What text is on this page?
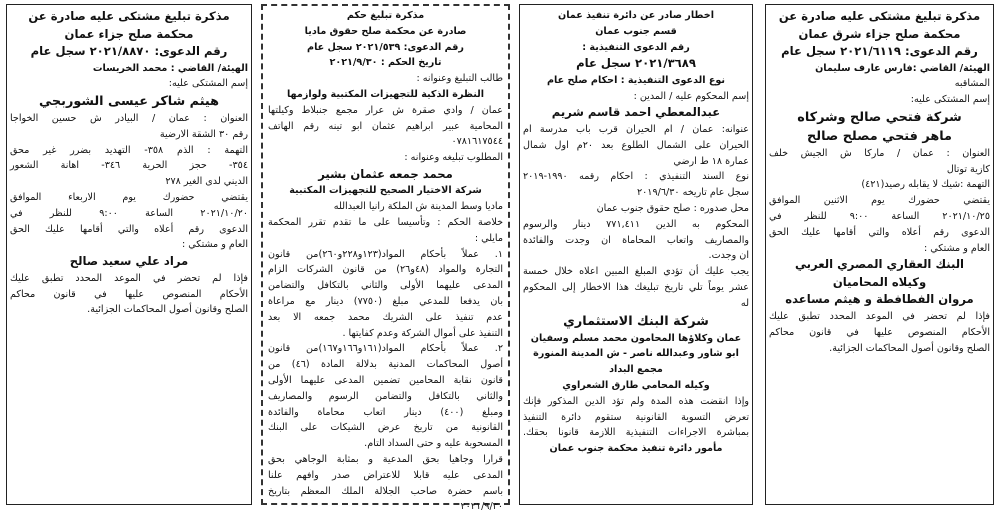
مذكرة تبليغ مشتكى عليه صادرة عن
محكمة صلح جزاء شرق عمان
رقم الدعوى: ٢٠٢١/٦١١٩ سجل عام
الهيئة/ القاضي :فارس عارف سليمان
المشاقبه
إسم المشتكى عليه:
شركة فتحي صالح وشركاه
ماهر فتحي مصلح صالح
العنوان : عمان / ماركا ش الجيش خلف
كازية توتال
التهمة :شيك لا يقابله رصيد(٤٢١)
يقتضي حضورك يوم الاثنين الموافق
٢٠٢١/١٠/٢٥ الساعة ٩:٠٠ للنظر في
الدعوى رقم أعلاه والتي أقامها عليك الحق
العام و مشتكي :
البنك العقاري المصري العربي
وكيلاه المحاميان
مروان الفطافطة و هيثم مساعده
فإذا لم تحضر في الموعد المحدد تطبق عليك
الأحكام المنصوص عليها في قانون محاكم
الصلح وقانون أصول المحاكمات الجزائية.
اخطار صادر عن دائرة تنفيذ عمان
قسم جنوب عمان
رقم الدعوى التنفيذية :
٢٠٢١/٣٦٨٩ سجل عام
نوع الدعوى التنفيذية : احكام صلح عام
إسم المحكوم عليه / المدين :
عبدالمعطي احمد قاسم شريم
عنوانه: عمان / ام الحيران قرب باب مدرسة ام
الحيران على الشمال الطلوع بعد ٢٠م اول شمال
عمارة ١٨ ط ارضي
نوع السند التنفيذي : احكام رقمه ١٩٩٠-٢٠١٩
سجل عام تاريخه ٢٠١٩/٦/٣٠
محل صدوره : صلح حقوق جنوب عمان
المحكوم به الدين ٧٧١,٤١١ دينار والرسوم
والمصاريف واتعاب المحاماة ان وجدت والفائدة
ان وجدت.
يجب عليك أن تؤدي المبلغ المبين اعلاه خلال خمسة
عشر يوماً تلي تاريخ تبليغك هذا الاخطار إلى المحكوم
له
شركة البنك الاستثماري
عمان وكلاؤها المحامون محمد مسلم وسفيان
ابو شاور وعبدالله ناصر - ش المدينة المنورة
مجمع البداد
وكيله المحامي طارق الشعراوي
وإذا انقضت هذه المدة ولم تؤد الدين المذكور فإنك
تعرض التسوية القانونية ستقوم دائرة التنفيذ
بمباشرة الاجراءات التنفيذية اللازمة قانونا بحقك.
مأمور دائرة تنفيذ محكمة جنوب عمان
مذكرة تبليغ حكم
صادرة عن محكمة صلح حقوق ماديا
رقم الدعوى: ٢٠٢١/٥٣٩ سجل عام
تاريخ الحكم : ٢٠٢١/٩/٣٠
طالب التبليغ وعنوانه :
النظرة الذكية للتجهيزات المكتبية ولوازمها
عمان / وادي صقرة ش عرار مجمع جنبلاط وكيلتها
المحامية عبير ابراهيم عثمان ابو تينه رقم الهاتف
٠٧٨١٦١٧٥٤٤
المطلوب تبليغه وعنوانه :
محمد جمعه عثمان بشير
شركة الاختيار الصحيح للتجهيزات المكتبية
ماديا وسط المدينة ش الملكة رانيا العبدالله
خلاصة الحكم : وتأسيسا على ما تقدم تقرر المحكمة
مايلي :
١. عملاً بأحكام المواد(١٢٣و٢٢٨و٢٦٠)من قانون
التجارة والمواد (٤٨و٢٦) من قانون الشركات الزام
المدعى عليهما الأولى والثاني بالتكافل والتضامن
بان يدفعا للمدعي مبلغ (٧٧٥٠) دينار مع مراعاة
عدم تنفيذ على الشريك محمد جمعه الا بعد
التنفيذ على أموال الشركة وعدم كفايتها .
٢. عملاً بأحكام المواد(١٦١و١٦٦و١٦٧)من قانون
أصول المحاكمات المدنية بدلالة المادة (٤٦) من
قانون نقابة المحامين تضمين المدعى عليهما الأولى
والثاني بالتكافل والتضامن الرسوم والمصاريف
ومبلغ (٤٠٠) دينار اتعاب محاماة والفائدة
القانونية من تاريخ عرض الشيكات على البنك
المسحوبة عليه و حتى السداد التام.
قرارا وجاهيا بحق المدعية و بمثابة الوجاهي بحق
المدعى عليه قابلا للاعتراض صدر وافهم علنا
باسم حضرة صاحب الجلالة الملك المعظم بتاريخ
٢٠٢١/٩/٣٠
مذكرة تبليغ مشتكى عليه صادرة عن
محكمة صلح جزاء عمان
رقم الدعوى: ٢٠٢١/٨٨٧٠ سجل عام
الهيئة/ القاضي : محمد الخريسات
إسم المشتكى عليه:
هيثم شاكر عيسى الشوربجي
العنوان : عمان / البيادر ش حسين الخواجا
رقم ٣٠ الشقة الارضية
التهمة : الذم ٣٥٨- التهديد بضرر غير محق
٣٥٤- حجز الحرية ٣٤٦- اهانة الشعور
الديني لدى الغير ٢٧٨
يقتضي حضورك يوم الاربعاء الموافق
٢٠٢١/١٠/٢٠ الساعة ٩:٠٠ للنظر في
الدعوى رقم أعلاه والتي أقامها عليك الحق
العام و مشتكي :
مراد علي سعيد صالح
فإذا لم تحضر في الموعد المحدد تطبق عليك
الأحكام المنصوص عليها في قانون محاكم
الصلح وقانون أصول المحاكمات الجزائية.
